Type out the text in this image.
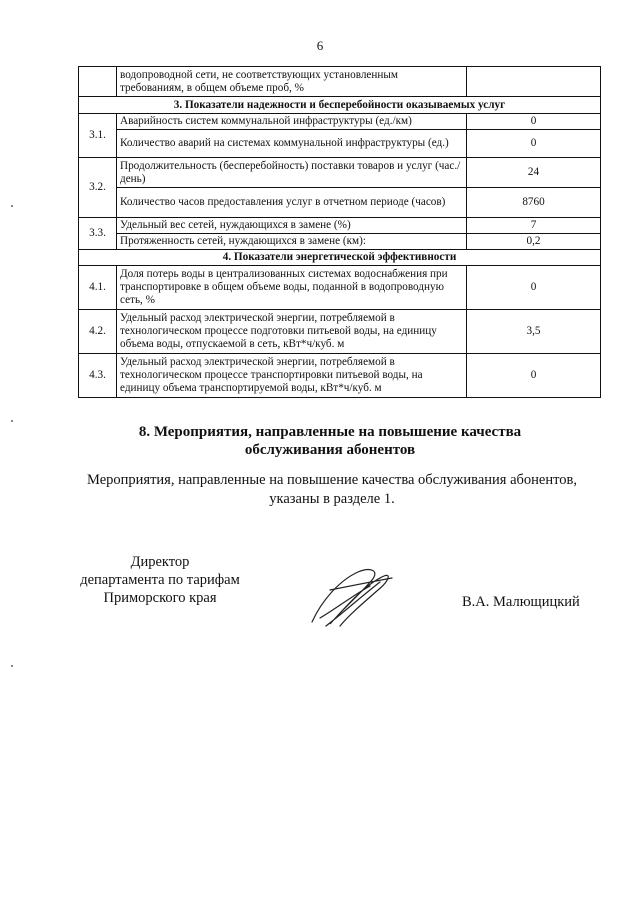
6
	водопроводной сети, не соответствующих установленным требованиям, в общем объеме проб, %	
3. Показатели надежности и бесперебойности оказываемых услуг		
3.1.	Аварийность систем коммунальной инфраструктуры (ед./км)	0
	Количество аварий на системах коммунальной инфраструктуры (ед.)	0
3.2.	Продолжительность (бесперебойность) поставки товаров и услуг (час./день)	24
	Количество часов предоставления услуг в отчетном периоде (часов)	8760
3.3.	Удельный вес сетей, нуждающихся в замене (%)	7
	Протяженность сетей, нуждающихся в замене (км):	0,2
4. Показатели энергетической эффективности		
4.1.	Доля потерь воды в централизованных системах водоснабжения при транспортировке в общем объеме воды, поданной в водопроводную сеть, %	0
4.2.	Удельный расход электрической энергии, потребляемой в технологическом процессе подготовки питьевой воды, на единицу объема воды, отпускаемой в сеть, кВт*ч/куб. м	3,5
4.3.	Удельный расход электрической энергии, потребляемой в технологическом процессе транспортировки питьевой воды, на единицу объема транспортируемой воды, кВт*ч/куб. м	0
8. Мероприятия, направленные на повышение качества
обслуживания абонентов
Мероприятия, направленные на повышение качества обслуживания абонентов,
указаны в разделе 1.
Директор
департамента по тарифам
Приморского края	В.А. Малющицкий
